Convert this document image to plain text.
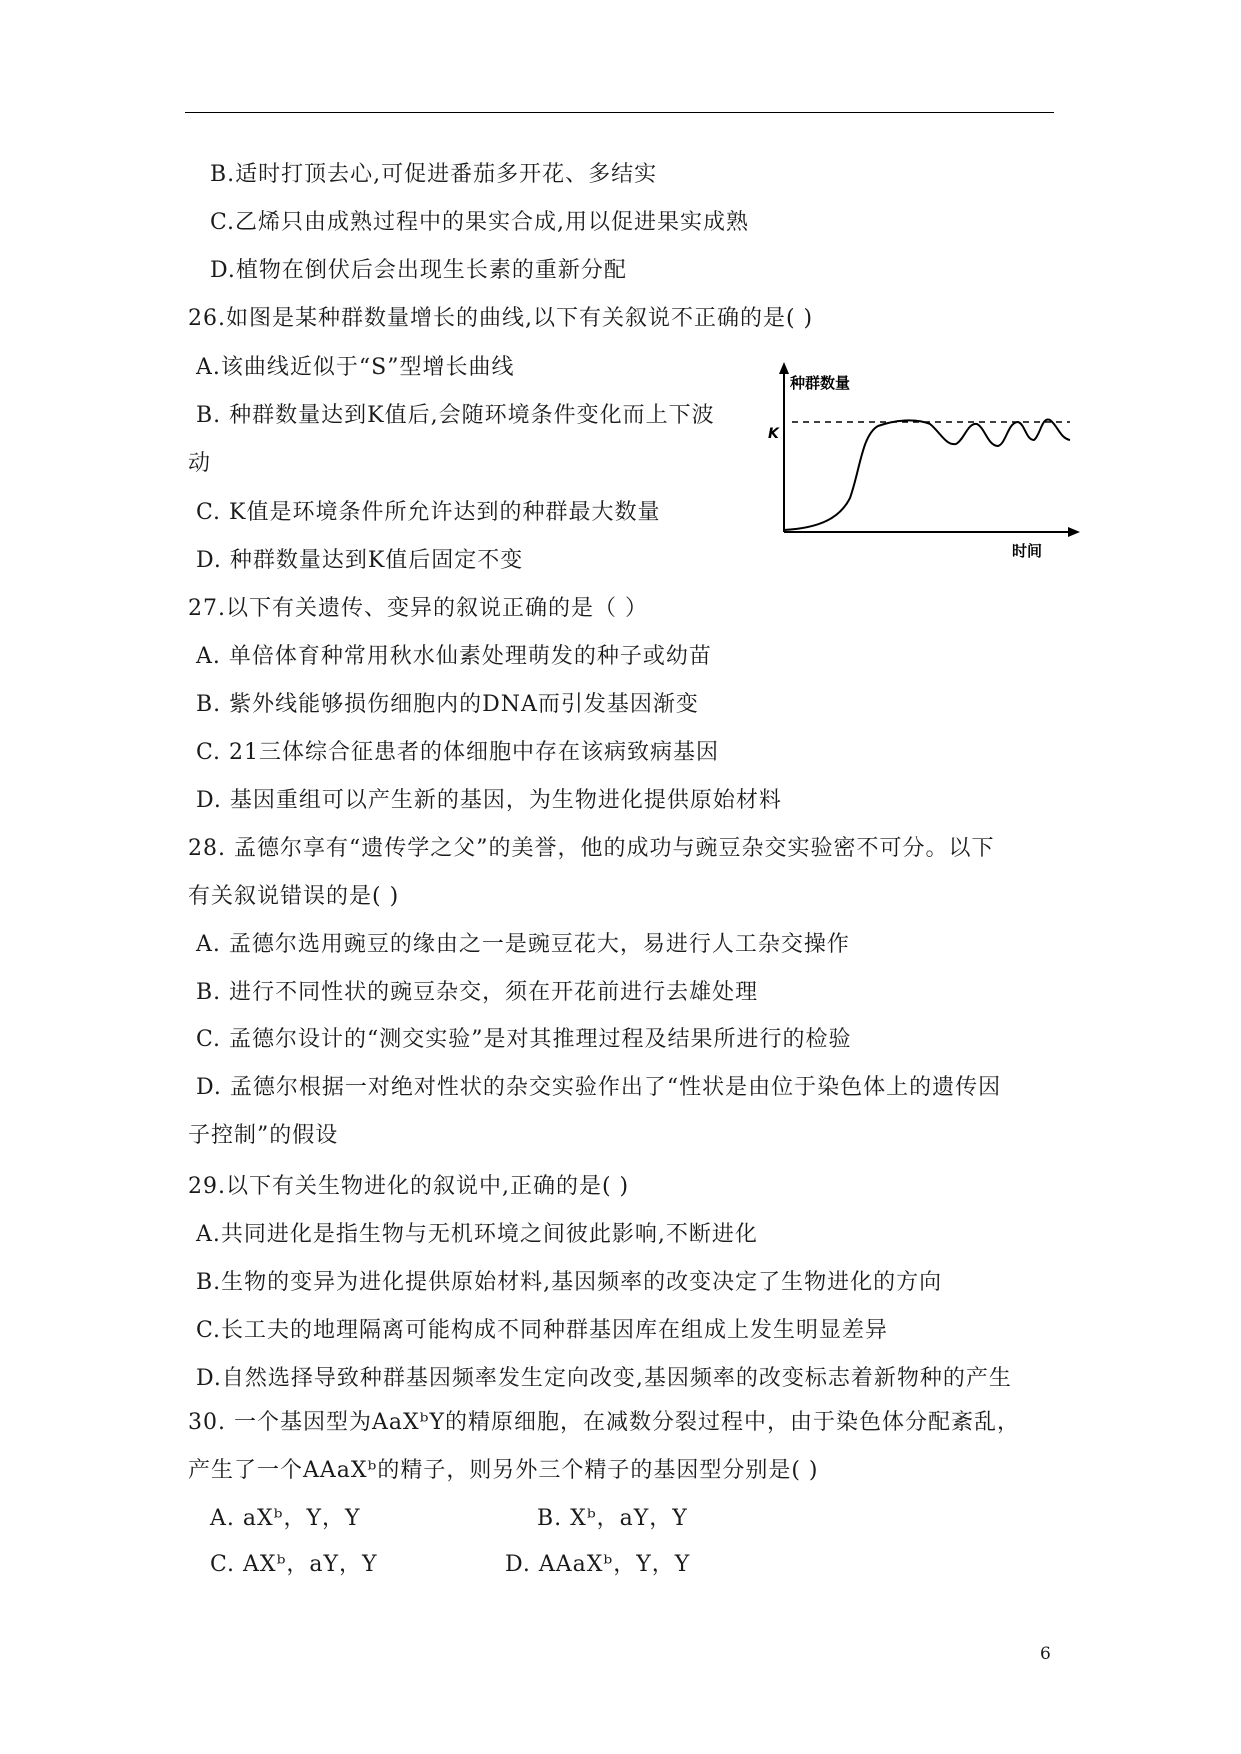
B.适时打顶去心,可促进番茄多开花、多结实
C.乙烯只由成熟过程中的果实合成,用以促进果实成熟
D.植物在倒伏后会出现生长素的重新分配
26.如图是某种群数量增长的曲线,以下有关叙说不正确的是( )
A.该曲线近似于“S”型增长曲线
B. 种群数量达到K值后,会随环境条件变化而上下波
动
C. K值是环境条件所允许达到的种群最大数量
D. 种群数量达到K值后固定不变
种群数量
K
时间
27.以下有关遗传、变异的叙说正确的是（ ）
A. 单倍体育种常用秋水仙素处理萌发的种子或幼苗
B. 紫外线能够损伤细胞内的DNA而引发基因渐变
C. 21三体综合征患者的体细胞中存在该病致病基因
D. 基因重组可以产生新的基因，为生物进化提供原始材料
28. 孟德尔享有“遗传学之父”的美誉，他的成功与豌豆杂交实验密不可分。以下
有关叙说错误的是( )
A. 孟德尔选用豌豆的缘由之一是豌豆花大，易进行人工杂交操作
B. 进行不同性状的豌豆杂交，须在开花前进行去雄处理
C. 孟德尔设计的“测交实验”是对其推理过程及结果所进行的检验
D. 孟德尔根据一对绝对性状的杂交实验作出了“性状是由位于染色体上的遗传因
子控制”的假设
29.以下有关生物进化的叙说中,正确的是( )
A.共同进化是指生物与无机环境之间彼此影响,不断进化
B.生物的变异为进化提供原始材料,基因频率的改变决定了生物进化的方向
C.长工夫的地理隔离可能构成不同种群基因库在组成上发生明显差异
D.自然选择导致种群基因频率发生定向改变,基因频率的改变标志着新物种的产生
30. 一个基因型为AaXᵇY的精原细胞，在减数分裂过程中，由于染色体分配紊乱，
产生了一个AAaXᵇ的精子，则另外三个精子的基因型分别是( )
A. aXᵇ，Y，Y	B. Xᵇ，aY，Y
C. AXᵇ，aY，Y	D. AAaXᵇ，Y，Y
6
